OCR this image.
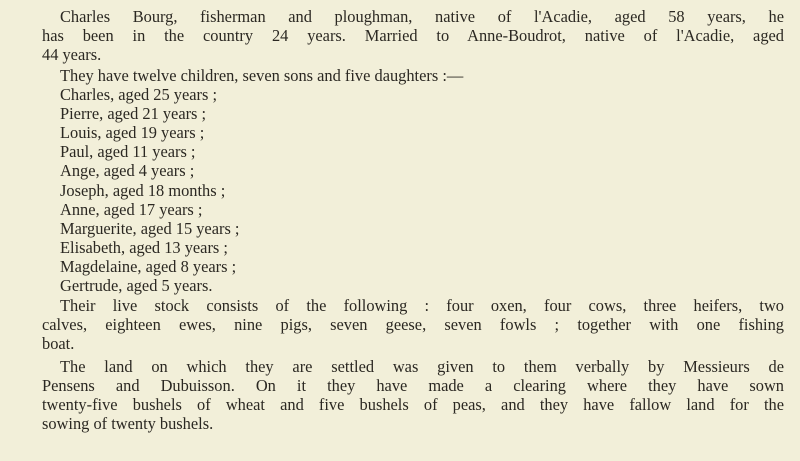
Charles Bourg, fisherman and ploughman, native of l'Acadie, aged 58 years, he
has been in the country 24 years. Married to Anne-Boudrot, native of l'Acadie, aged
44 years.
They have twelve children, seven sons and five daughters :—
Charles, aged 25 years ;
Pierre, aged 21 years ;
Louis, aged 19 years ;
Paul, aged 11 years ;
Ange, aged 4 years ;
Joseph, aged 18 months ;
Anne, aged 17 years ;
Marguerite, aged 15 years ;
Elisabeth, aged 13 years ;
Magdelaine, aged 8 years ;
Gertrude, aged 5 years.
Their live stock consists of the following : four oxen, four cows, three heifers, two
calves, eighteen ewes, nine pigs, seven geese, seven fowls ; together with one fishing
boat.
The land on which they are settled was given to them verbally by Messieurs de
Pensens and Dubuisson. On it they have made a clearing where they have sown
twenty-five bushels of wheat and five bushels of peas, and they have fallow land for the
sowing of twenty bushels.
